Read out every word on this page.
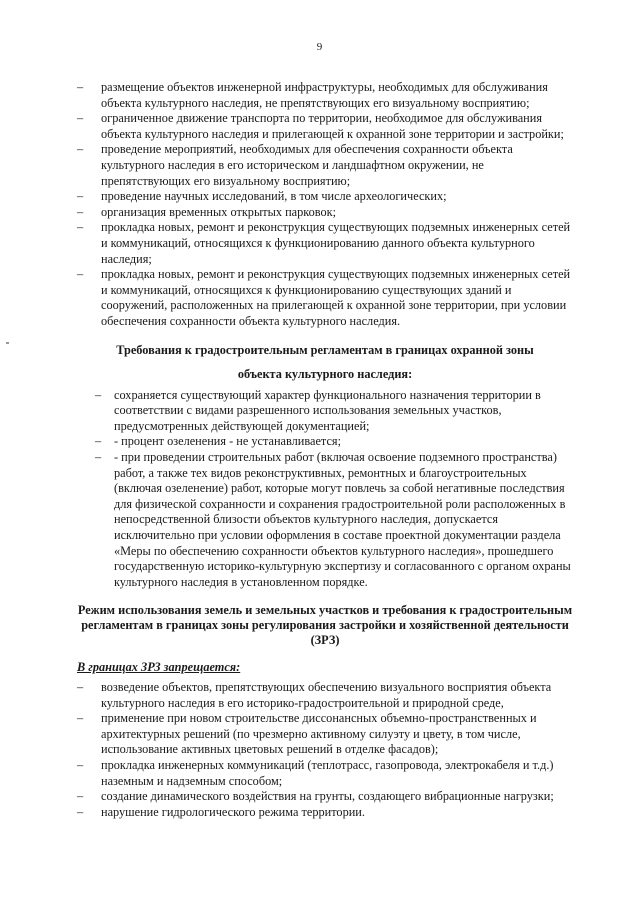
9
– размещение объектов инженерной инфраструктуры, необходимых для обслуживания объекта культурного наследия, не препятствующих его визуальному восприятию;
– ограниченное движение транспорта по территории, необходимое для обслуживания объекта культурного наследия и прилегающей к охранной зоне территории и застройки;
– проведение мероприятий, необходимых для обеспечения сохранности объекта культурного наследия в его историческом и ландшафтном окружении, не препятствующих его визуальному восприятию;
– проведение научных исследований, в том числе археологических;
– организация временных открытых парковок;
– прокладка новых, ремонт и реконструкция существующих подземных инженерных сетей и коммуникаций, относящихся к функционированию данного объекта культурного наследия;
– прокладка новых, ремонт и реконструкция существующих подземных инженерных сетей и коммуникаций, относящихся к функционированию существующих зданий и сооружений, расположенных на прилегающей к охранной зоне территории, при условии обеспечения сохранности объекта культурного наследия.
Требования к градостроительным регламентам в границах охранной зоны
объекта культурного наследия:
– сохраняется существующий характер функционального назначения территории в соответствии с видами разрешенного использования земельных участков, предусмотренных действующей документацией;
– - процент озеленения - не устанавливается;
– - при проведении строительных работ (включая освоение подземного пространства) работ, а также тех видов реконструктивных, ремонтных и благоустроительных (включая озеленение) работ, которые могут повлечь за собой негативные последствия для физической сохранности и сохранения градостроительной роли расположенных в непосредственной близости объектов культурного наследия, допускается исключительно при условии оформления в составе проектной документации раздела «Меры по обеспечению сохранности объектов культурного наследия», прошедшего государственную историко-культурную экспертизу и согласованного с органом охраны культурного наследия в установленном порядке.
Режим использования земель и земельных участков и требования к градостроительным регламентам в границах зоны регулирования застройки и хозяйственной деятельности (ЗРЗ)
В границах ЗРЗ запрещается:
– возведение объектов, препятствующих обеспечению визуального восприятия объекта культурного наследия в его историко-градостроительной и природной среде,
– применение при новом строительстве диссонансных объемно-пространственных и архитектурных решений (по чрезмерно активному силуэту и цвету, в том числе, использование активных цветовых решений в отделке фасадов);
– прокладка инженерных коммуникаций (теплотрасс, газопровода, электрокабеля и т.д.) наземным и надземным способом;
– создание динамического воздействия на грунты, создающего вибрационные нагрузки;
– нарушение гидрологического режима территории.
